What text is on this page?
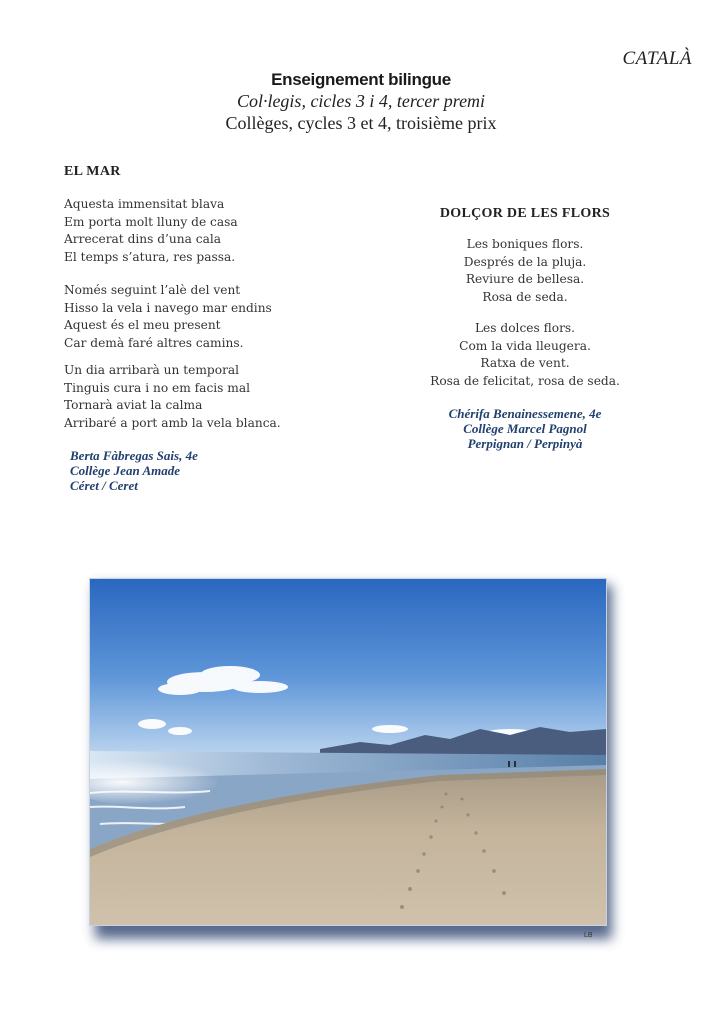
CATALÀ
Enseignement bilingue
Col·legis, cicles 3 i 4, tercer premi
Collèges, cycles 3 et 4, troisième prix
EL MAR
Aquesta immensitat blava
Em porta molt lluny de casa
Arrecerat dins d’una cala
El temps s’atura, res passa.
Només seguint l’alè del vent
Hisso la vela i navego mar endins
Aquest és el meu present
Car demà faré altres camins.
Un dia arribarà un temporal
Tinguis cura i no em facis mal
Tornarà aviat la calma
Arribaré a port amb la vela blanca.
Berta Fàbregas Sais, 4e
Collège Jean Amade
Céret / Ceret
DOLÇOR DE LES FLORS
Les boniques flors.
Després de la pluja.
Reviure de bellesa.
Rosa de seda.
Les dolces flors.
Com la vida lleugera.
Ratxa de vent.
Rosa de felicitat, rosa de seda.
Chérifa Benainessemene, 4e
Collège Marcel Pagnol
Perpignan / Perpinyà
LB
